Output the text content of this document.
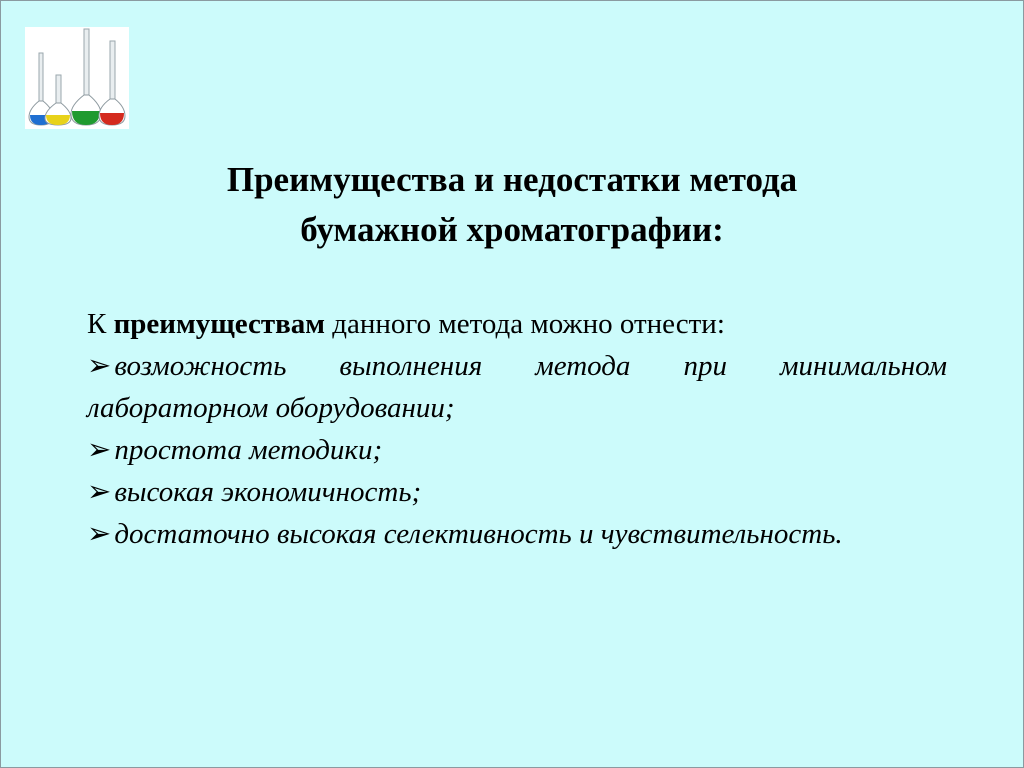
Преимущества и недостатки метода
бумажной хроматографии:
К преимуществам данного метода можно отнести:
➢ возможность выполнения метода при минимальном лабораторном оборудовании;
➢ простота методики;
➢ высокая экономичность;
➢ достаточно высокая селективность и чувствительность.
